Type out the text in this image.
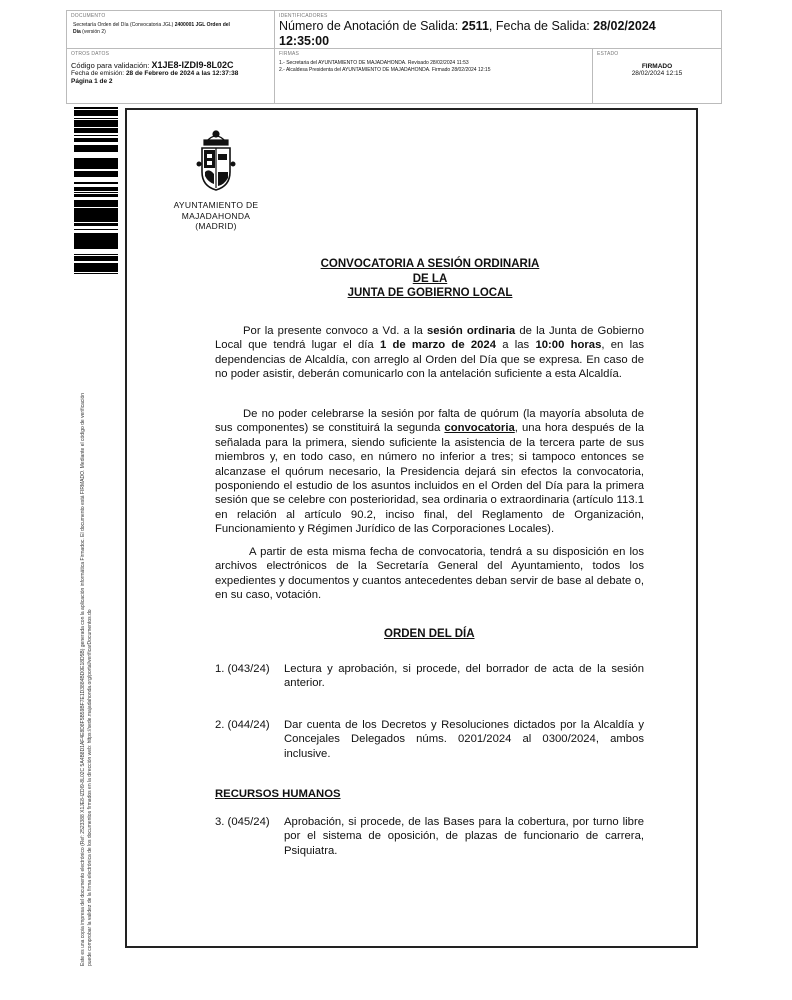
DOCUMENTO
Secretaría Orden del Día (Convocatoria JGL) 2400001 JGL Orden del
Día (versión 2)
IDENTIFICADORES
Número de Anotación de Salida: 2511, Fecha de Salida: 28/02/2024
12:35:00
OTROS DATOS
Código para validación: X1JE8-IZDI9-8L02C
Fecha de emisión: 28 de Febrero de 2024 a las 12:37:38
Página 1 de 2
FIRMAS
1.- Secretaria del AYUNTAMIENTO DE MAJADAHONDA. Revisado 28/02/2024 11:53
2.- Alcaldesa Presidenta del AYUNTAMIENTO DE MAJADAHONDA. Firmado 28/02/2024 12:15
ESTADO
FIRMADO
28/02/2024 12:15
Este es una copia impresa del documento electrónico (Ref: 2523388 X1JE8-IZDI9-8L02C 5A4B8D1AF4E8D8F5B59BF7E1D3884BD0E18D5B) generada con la aplicación informática Firmadoc. El documento está FIRMADO. Mediante el código de verificación puede comprobar la validez de la firma electrónica de los documentos firmados en la dirección web: https://sede.majadahonda.org/portal/verificarDocumentos.do
AYUNTAMIENTO DE
MAJADAHONDA
(MADRID)
CONVOCATORIA A SESIÓN ORDINARIA
DE LA
JUNTA DE GOBIERNO LOCAL
Por la presente convoco a Vd. a la sesión ordinaria de la Junta de Gobierno Local que tendrá lugar el día 1 de marzo de 2024 a las 10:00 horas, en las dependencias de Alcaldía, con arreglo al Orden del Día que se expresa. En caso de no poder asistir, deberán comunicarlo con la antelación suficiente a esta Alcaldía.
De no poder celebrarse la sesión por falta de quórum (la mayoría absoluta de sus componentes) se constituirá la segunda convocatoria, una hora después de la señalada para la primera, siendo suficiente la asistencia de la tercera parte de sus miembros y, en todo caso, en número no inferior a tres; si tampoco entonces se alcanzase el quórum necesario, la Presidencia dejará sin efectos la convocatoria, posponiendo el estudio de los asuntos incluidos en el Orden del Día para la primera sesión que se celebre con posterioridad, sea ordinaria o extraordinaria (artículo 113.1 en relación al artículo 90.2, inciso final, del Reglamento de Organización, Funcionamiento y Régimen Jurídico de las Corporaciones Locales).
A partir de esta misma fecha de convocatoria, tendrá a su disposición en los archivos electrónicos de la Secretaría General del Ayuntamiento, todos los expedientes y documentos y cuantos antecedentes deban servir de base al debate o, en su caso, votación.
ORDEN DEL DÍA
1. (043/24)	Lectura y aprobación, si procede, del borrador de acta de la sesión anterior.
2. (044/24)	Dar cuenta de los Decretos y Resoluciones dictados por la Alcaldía y Concejales Delegados núms. 0201/2024 al 0300/2024, ambos inclusive.
RECURSOS HUMANOS
3. (045/24)	Aprobación, si procede, de las Bases para la cobertura, por turno libre por el sistema de oposición, de plazas de funcionario de carrera, Psiquiatra.
